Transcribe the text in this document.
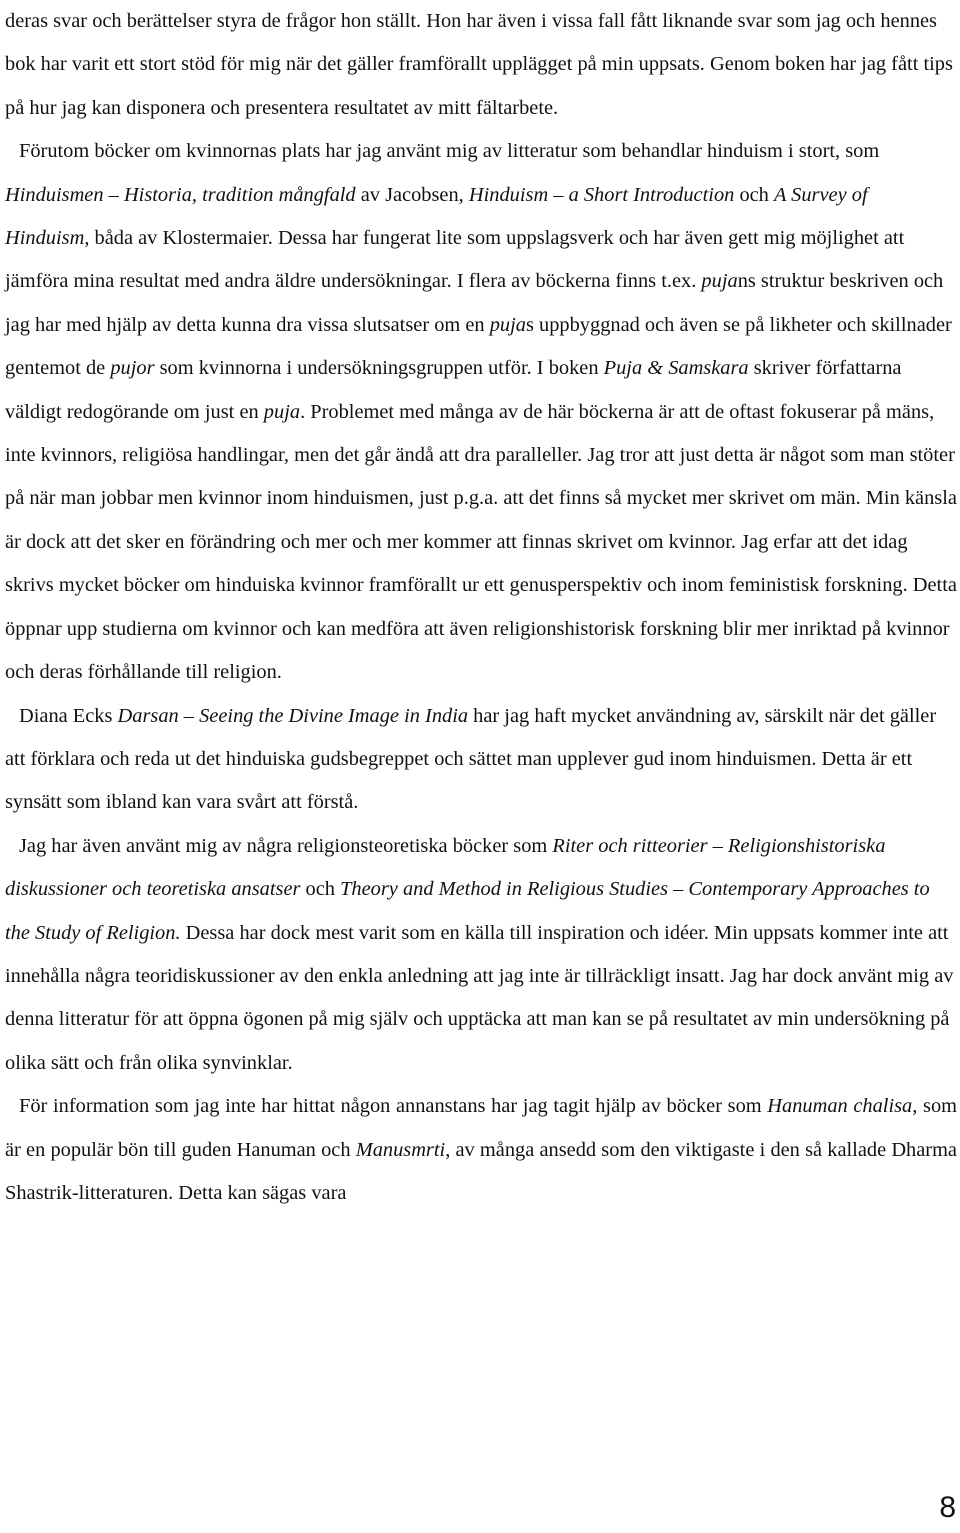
deras svar och berättelser styra de frågor hon ställt. Hon har även i vissa fall fått liknande svar som jag och hennes bok har varit ett stort stöd för mig när det gäller framförallt upplägget på min uppsats. Genom boken har jag fått tips på hur jag kan disponera och presentera resultatet av mitt fältarbete.

Förutom böcker om kvinnornas plats har jag använt mig av litteratur som behandlar hinduism i stort, som Hinduismen – Historia, tradition mångfald av Jacobsen, Hinduism – a Short Introduction och A Survey of Hinduism, båda av Klostermaier. Dessa har fungerat lite som uppslagsverk och har även gett mig möjlighet att jämföra mina resultat med andra äldre undersökningar. I flera av böckerna finns t.ex. pujans struktur beskriven och jag har med hjälp av detta kunna dra vissa slutsatser om en pujas uppbyggnad och även se på likheter och skillnader gentemot de pujor som kvinnorna i undersökningsgruppen utför. I boken Puja & Samskara skriver författarna väldigt redogörande om just en puja. Problemet med många av de här böckerna är att de oftast fokuserar på mäns, inte kvinnors, religiösa handlingar, men det går ändå att dra paralleller. Jag tror att just detta är något som man stöter på när man jobbar men kvinnor inom hinduismen, just p.g.a. att det finns så mycket mer skrivet om män. Min känsla är dock att det sker en förändring och mer och mer kommer att finnas skrivet om kvinnor. Jag erfar att det idag skrivs mycket böcker om hinduiska kvinnor framförallt ur ett genusperspektiv och inom feministisk forskning. Detta öppnar upp studierna om kvinnor och kan medföra att även religionshistorisk forskning blir mer inriktad på kvinnor och deras förhållande till religion.

Diana Ecks Darsan – Seeing the Divine Image in India har jag haft mycket användning av, särskilt när det gäller att förklara och reda ut det hinduiska gudsbegreppet och sättet man upplever gud inom hinduismen. Detta är ett synsätt som ibland kan vara svårt att förstå.

Jag har även använt mig av några religionsteoretiska böcker som Riter och ritteorier – Religionshistoriska diskussioner och teoretiska ansatser och Theory and Method in Religious Studies – Contemporary Approaches to the Study of Religion. Dessa har dock mest varit som en källa till inspiration och idéer. Min uppsats kommer inte att innehålla några teoridiskussioner av den enkla anledning att jag inte är tillräckligt insatt. Jag har dock använt mig av denna litteratur för att öppna ögonen på mig själv och upptäcka att man kan se på resultatet av min undersökning på olika sätt och från olika synvinklar.

För information som jag inte har hittat någon annanstans har jag tagit hjälp av böcker som Hanuman chalisa, som är en populär bön till guden Hanuman och Manusmrti, av många ansedd som den viktigaste i den så kallade Dharma Shastrik-litteraturen. Detta kan sägas vara

8
